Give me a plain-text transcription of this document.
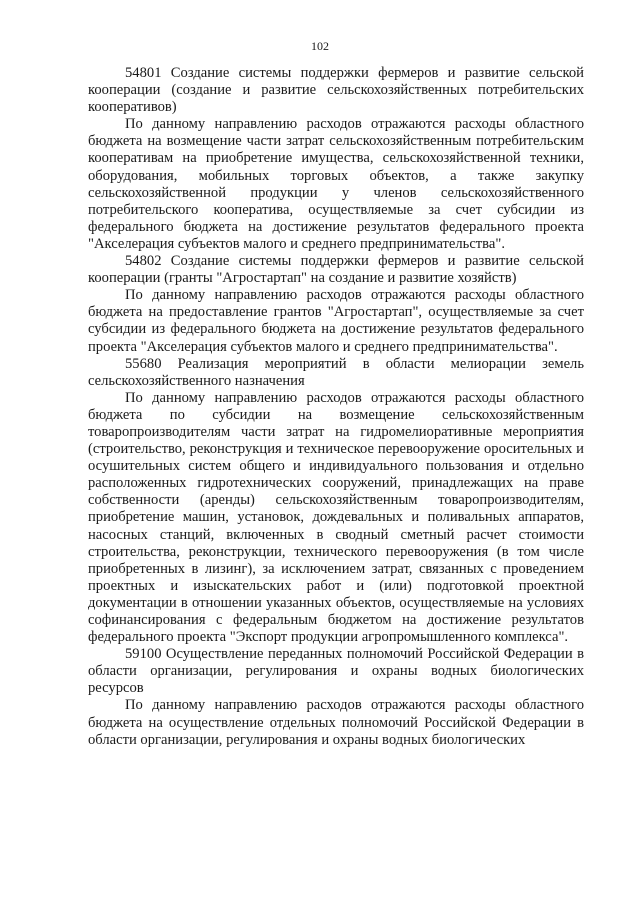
102

54801 Создание системы поддержки фермеров и развитие сельской кооперации (создание и развитие сельскохозяйственных потребительских кооперативов)

По данному направлению расходов отражаются расходы областного бюджета на возмещение части затрат сельскохозяйственным потребительским кооперативам на приобретение имущества, сельскохозяйственной техники, оборудования, мобильных торговых объектов, а также закупку сельскохозяйственной продукции у членов сельскохозяйственного потребительского кооператива, осуществляемые за счет субсидии из федерального бюджета на достижение результатов федерального проекта "Акселерация субъектов малого и среднего предпринимательства".

54802 Создание системы поддержки фермеров и развитие сельской кооперации (гранты "Агростартап" на создание и развитие хозяйств)

По данному направлению расходов отражаются расходы областного бюджета на предоставление грантов "Агростартап", осуществляемые за счет субсидии из федерального бюджета на достижение результатов федерального проекта "Акселерация субъектов малого и среднего предпринимательства".

55680 Реализация мероприятий в области мелиорации земель сельскохозяйственного назначения

По данному направлению расходов отражаются расходы областного бюджета по субсидии на возмещение сельскохозяйственным товаропроизводителям части затрат на гидромелиоративные мероприятия (строительство, реконструкция и техническое перевооружение оросительных и осушительных систем общего и индивидуального пользования и отдельно расположенных гидротехнических сооружений, принадлежащих на праве собственности (аренды) сельскохозяйственным товаропроизводителям, приобретение машин, установок, дождевальных и поливальных аппаратов, насосных станций, включенных в сводный сметный расчет стоимости строительства, реконструкции, технического перевооружения (в том числе приобретенных в лизинг), за исключением затрат, связанных с проведением проектных и изыскательских работ и (или) подготовкой проектной документации в отношении указанных объектов, осуществляемые на условиях софинансирования с федеральным бюджетом на достижение результатов федерального проекта "Экспорт продукции агропромышленного комплекса".

59100 Осуществление переданных полномочий Российской Федерации в области организации, регулирования и охраны водных биологических ресурсов

По данному направлению расходов отражаются расходы областного бюджета на осуществление отдельных полномочий Российской Федерации в области организации, регулирования и охраны водных биологических
